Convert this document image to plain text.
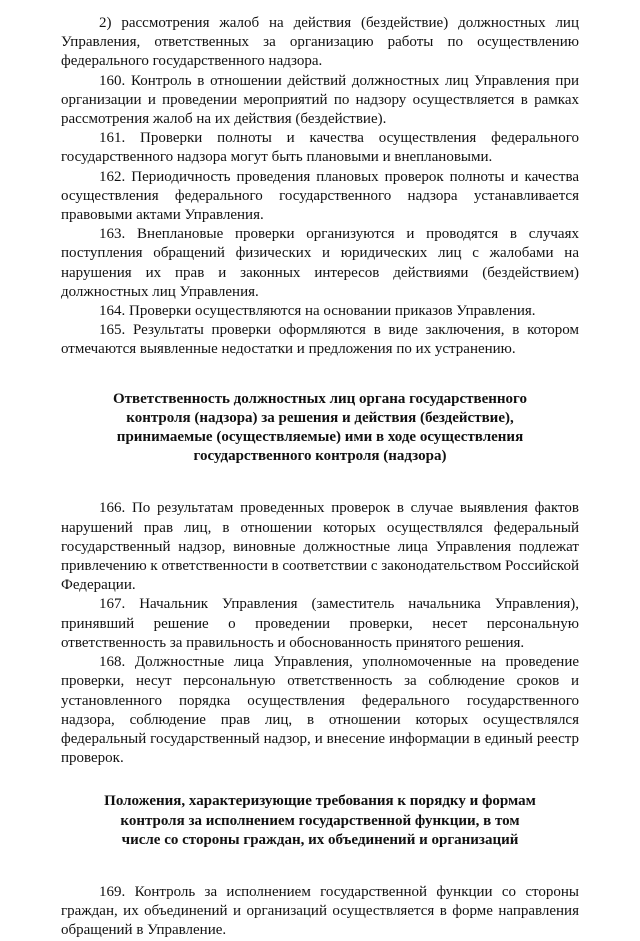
2) рассмотрения жалоб на действия (бездействие) должностных лиц Управления, ответственных за организацию работы по осуществлению федерального государственного надзора.

160. Контроль в отношении действий должностных лиц Управления при организации и проведении мероприятий по надзору осуществляется в рамках рассмотрения жалоб на их действия (бездействие).

161. Проверки полноты и качества осуществления федерального государственного надзора могут быть плановыми и внеплановыми.

162. Периодичность проведения плановых проверок полноты и качества осуществления федерального государственного надзора устанавливается правовыми актами Управления.

163. Внеплановые проверки организуются и проводятся в случаях поступления обращений физических и юридических лиц с жалобами на нарушения их прав и законных интересов действиями (бездействием) должностных лиц Управления.

164. Проверки осуществляются на основании приказов Управления.

165. Результаты проверки оформляются в виде заключения, в котором отмечаются выявленные недостатки и предложения по их устранению.

Ответственность должностных лиц органа государственного контроля (надзора) за решения и действия (бездействие), принимаемые (осуществляемые) ими в ходе осуществления государственного контроля (надзора)

166. По результатам проведенных проверок в случае выявления фактов нарушений прав лиц, в отношении которых осуществлялся федеральный государственный надзор, виновные должностные лица Управления подлежат привлечению к ответственности в соответствии с законодательством Российской Федерации.

167. Начальник Управления (заместитель начальника Управления), принявший решение о проведении проверки, несет персональную ответственность за правильность и обоснованность принятого решения.

168. Должностные лица Управления, уполномоченные на проведение проверки, несут персональную ответственность за соблюдение сроков и установленного порядка осуществления федерального государственного надзора, соблюдение прав лиц, в отношении которых осуществлялся федеральный государственный надзор, и внесение информации в единый реестр проверок.

Положения, характеризующие требования к порядку и формам контроля за исполнением государственной функции, в том числе со стороны граждан, их объединений и организаций

169. Контроль за исполнением государственной функции со стороны граждан, их объединений и организаций осуществляется в форме направления обращений в Управление.
